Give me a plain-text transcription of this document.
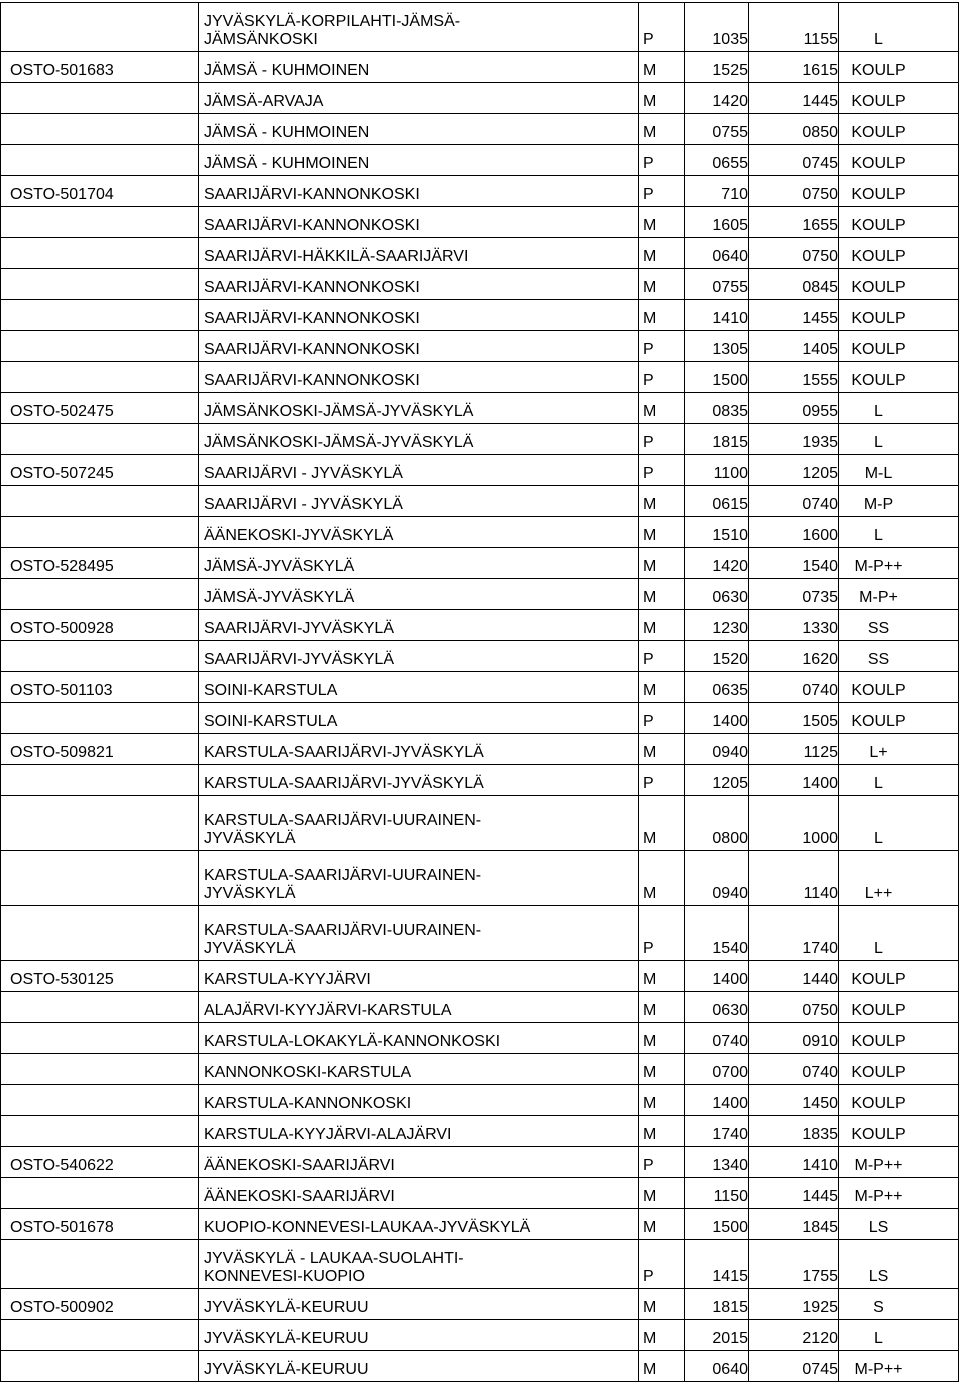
	JYVÄSKYLÄ-KORPILAHTI-JÄMSÄ-
JÄMSÄNKOSKI	P	1035	1155	L
OSTO-501683	JÄMSÄ - KUHMOINEN	M	1525	1615	KOULP

	JÄMSÄ-ARVAJA	M	1420	1445	KOULP

	JÄMSÄ - KUHMOINEN	M	0755	0850	KOULP

	JÄMSÄ - KUHMOINEN	P	0655	0745	KOULP
OSTO-501704	SAARIJÄRVI-KANNONKOSKI	P	710	0750	KOULP

	SAARIJÄRVI-KANNONKOSKI	M	1605	1655	KOULP

	SAARIJÄRVI-HÄKKILÄ-SAARIJÄRVI	M	0640	0750	KOULP

	SAARIJÄRVI-KANNONKOSKI	M	0755	0845	KOULP

	SAARIJÄRVI-KANNONKOSKI	M	1410	1455	KOULP

	SAARIJÄRVI-KANNONKOSKI	P	1305	1405	KOULP

	SAARIJÄRVI-KANNONKOSKI	P	1500	1555	KOULP
OSTO-502475	JÄMSÄNKOSKI-JÄMSÄ-JYVÄSKYLÄ	M	0835	0955	L

	JÄMSÄNKOSKI-JÄMSÄ-JYVÄSKYLÄ	P	1815	1935	L
OSTO-507245	SAARIJÄRVI - JYVÄSKYLÄ	P	1100	1205	M-L

	SAARIJÄRVI - JYVÄSKYLÄ	M	0615	0740	M-P

	ÄÄNEKOSKI-JYVÄSKYLÄ	M	1510	1600	L
OSTO-528495	JÄMSÄ-JYVÄSKYLÄ	M	1420	1540	M-P++

	JÄMSÄ-JYVÄSKYLÄ	M	0630	0735	M-P+
OSTO-500928	SAARIJÄRVI-JYVÄSKYLÄ	M	1230	1330	SS

	SAARIJÄRVI-JYVÄSKYLÄ	P	1520	1620	SS
OSTO-501103	SOINI-KARSTULA	M	0635	0740	KOULP

	SOINI-KARSTULA	P	1400	1505	KOULP
OSTO-509821	KARSTULA-SAARIJÄRVI-JYVÄSKYLÄ	M	0940	1125	L+

	KARSTULA-SAARIJÄRVI-JYVÄSKYLÄ	P	1205	1400	L

	KARSTULA-SAARIJÄRVI-UURAINEN-
JYVÄSKYLÄ	M	0800	1000	L

	KARSTULA-SAARIJÄRVI-UURAINEN-
JYVÄSKYLÄ	M	0940	1140	L++

	KARSTULA-SAARIJÄRVI-UURAINEN-
JYVÄSKYLÄ	P	1540	1740	L
OSTO-530125	KARSTULA-KYYJÄRVI	M	1400	1440	KOULP

	ALAJÄRVI-KYYJÄRVI-KARSTULA	M	0630	0750	KOULP

	KARSTULA-LOKAKYLÄ-KANNONKOSKI	M	0740	0910	KOULP

	KANNONKOSKI-KARSTULA	M	0700	0740	KOULP

	KARSTULA-KANNONKOSKI	M	1400	1450	KOULP

	KARSTULA-KYYJÄRVI-ALAJÄRVI	M	1740	1835	KOULP
OSTO-540622	ÄÄNEKOSKI-SAARIJÄRVI	P	1340	1410	M-P++

	ÄÄNEKOSKI-SAARIJÄRVI	M	1150	1445	M-P++
OSTO-501678	KUOPIO-KONNEVESI-LAUKAA-JYVÄSKYLÄ	M	1500	1845	LS

	JYVÄSKYLÄ - LAUKAA-SUOLAHTI-
KONNEVESI-KUOPIO	P	1415	1755	LS
OSTO-500902	JYVÄSKYLÄ-KEURUU	M	1815	1925	S

	JYVÄSKYLÄ-KEURUU	M	2015	2120	L

	JYVÄSKYLÄ-KEURUU	M	0640	0745	M-P++
